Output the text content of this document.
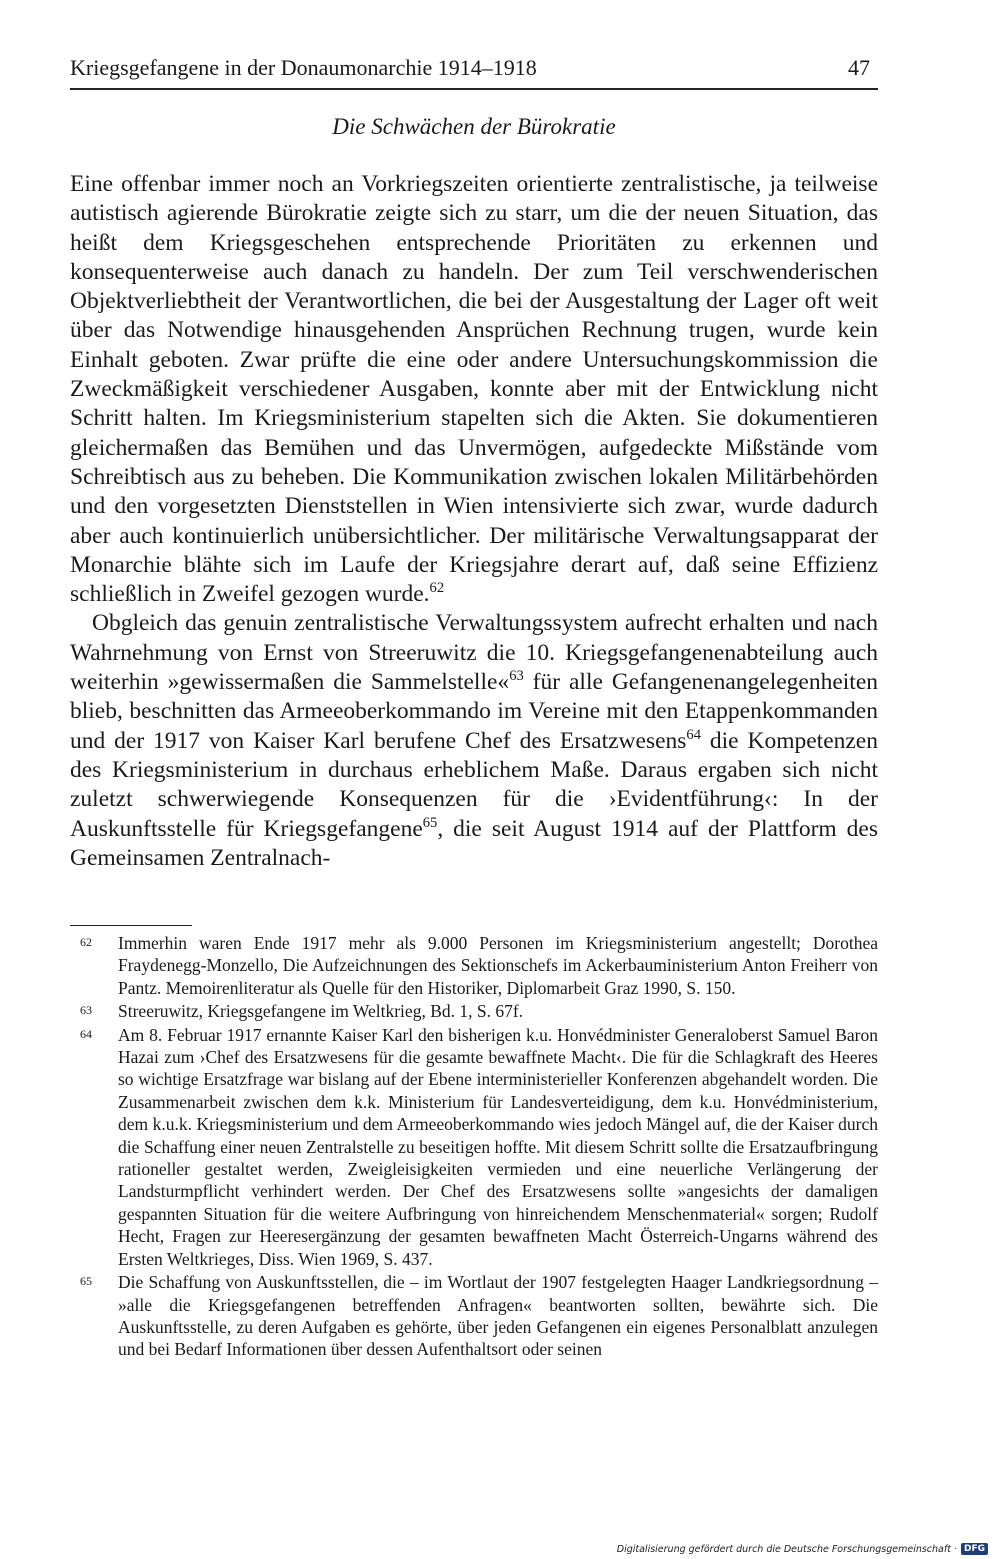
Kriegsgefangene in der Donaumonarchie 1914–1918	47
Die Schwächen der Bürokratie

Eine offenbar immer noch an Vorkriegszeiten orientierte zentralistische, ja teilweise autistisch agierende Bürokratie zeigte sich zu starr, um die der neuen Situation, das heißt dem Kriegsgeschehen entsprechende Prioritäten zu erkennen und konsequenterweise auch danach zu handeln. Der zum Teil verschwenderischen Objektverliebtheit der Verantwortlichen, die bei der Ausgestaltung der Lager oft weit über das Notwendige hinausgehenden Ansprüchen Rechnung trugen, wurde kein Einhalt geboten. Zwar prüfte die eine oder andere Untersuchungskommission die Zweckmäßigkeit verschiedener Ausgaben, konnte aber mit der Entwicklung nicht Schritt halten. Im Kriegsministerium stapelten sich die Akten. Sie dokumentieren gleichermaßen das Bemühen und das Unvermögen, aufgedeckte Mißstände vom Schreibtisch aus zu beheben. Die Kommunikation zwischen lokalen Militärbehörden und den vorgesetzten Dienststellen in Wien intensivierte sich zwar, wurde dadurch aber auch kontinuierlich unübersichtlicher. Der militärische Verwaltungsapparat der Monarchie blähte sich im Laufe der Kriegsjahre derart auf, daß seine Effizienz schließlich in Zweifel gezogen wurde.$^{62}$

Obgleich das genuin zentralistische Verwaltungssystem aufrecht erhalten und nach Wahrnehmung von Ernst von Streeruwitz die 10. Kriegsgefangenenabteilung auch weiterhin »gewissermaßen die Sammelstelle«$^{63}$ für alle Gefangenenangelegenheiten blieb, beschnitten das Armeeoberkommando im Vereine mit den Etappenkommanden und der 1917 von Kaiser Karl berufene Chef des Ersatzwesens$^{64}$ die Kompetenzen des Kriegsministerium in durchaus erheblichem Maße. Daraus ergaben sich nicht zuletzt schwerwiegende Konsequenzen für die ›Evidentführung‹: In der Auskunftsstelle für Kriegsgefangene$^{65}$, die seit August 1914 auf der Plattform des Gemeinsamen Zentralnach-

62	Immerhin waren Ende 1917 mehr als 9.000 Personen im Kriegsministerium angestellt; Dorothea Fraydenegg-Monzello, Die Aufzeichnungen des Sektionschefs im Ackerbauministerium Anton Freiherr von Pantz. Memoirenliteratur als Quelle für den Historiker, Diplomarbeit Graz 1990, S. 150.
63	Streeruwitz, Kriegsgefangene im Weltkrieg, Bd. 1, S. 67f.
64	Am 8. Februar 1917 ernannte Kaiser Karl den bisherigen k.u. Honvédminister Generaloberst Samuel Baron Hazai zum ›Chef des Ersatzwesens für die gesamte bewaffnete Macht‹. Die für die Schlagkraft des Heeres so wichtige Ersatzfrage war bislang auf der Ebene interministerieller Konferenzen abgehandelt worden. Die Zusammenarbeit zwischen dem k.k. Ministerium für Landesverteidigung, dem k.u. Honvédministerium, dem k.u.k. Kriegsministerium und dem Armeeoberkommando wies jedoch Mängel auf, die der Kaiser durch die Schaffung einer neuen Zentralstelle zu beseitigen hoffte. Mit diesem Schritt sollte die Ersatzaufbringung rationeller gestaltet werden, Zweigleisigkeiten vermieden und eine neuerliche Verlängerung der Landsturmpflicht verhindert werden. Der Chef des Ersatzwesens sollte »angesichts der damaligen gespannten Situation für die weitere Aufbringung von hinreichendem Menschenmaterial« sorgen; Rudolf Hecht, Fragen zur Heeresergänzung der gesamten bewaffneten Macht Österreich-Ungarns während des Ersten Weltkrieges, Diss. Wien 1969, S. 437.
65	Die Schaffung von Auskunftsstellen, die – im Wortlaut der 1907 festgelegten Haager Landkriegsordnung – »alle die Kriegsgefangenen betreffenden Anfragen« beantworten sollten, bewährte sich. Die Auskunftsstelle, zu deren Aufgaben es gehörte, über jeden Gefangenen ein eigenes Personalblatt anzulegen und bei Bedarf Informationen über dessen Aufenthaltsort oder seinen
Digitalisierung gefördert durch die Deutsche Forschungsgemeinschaft · DFG
